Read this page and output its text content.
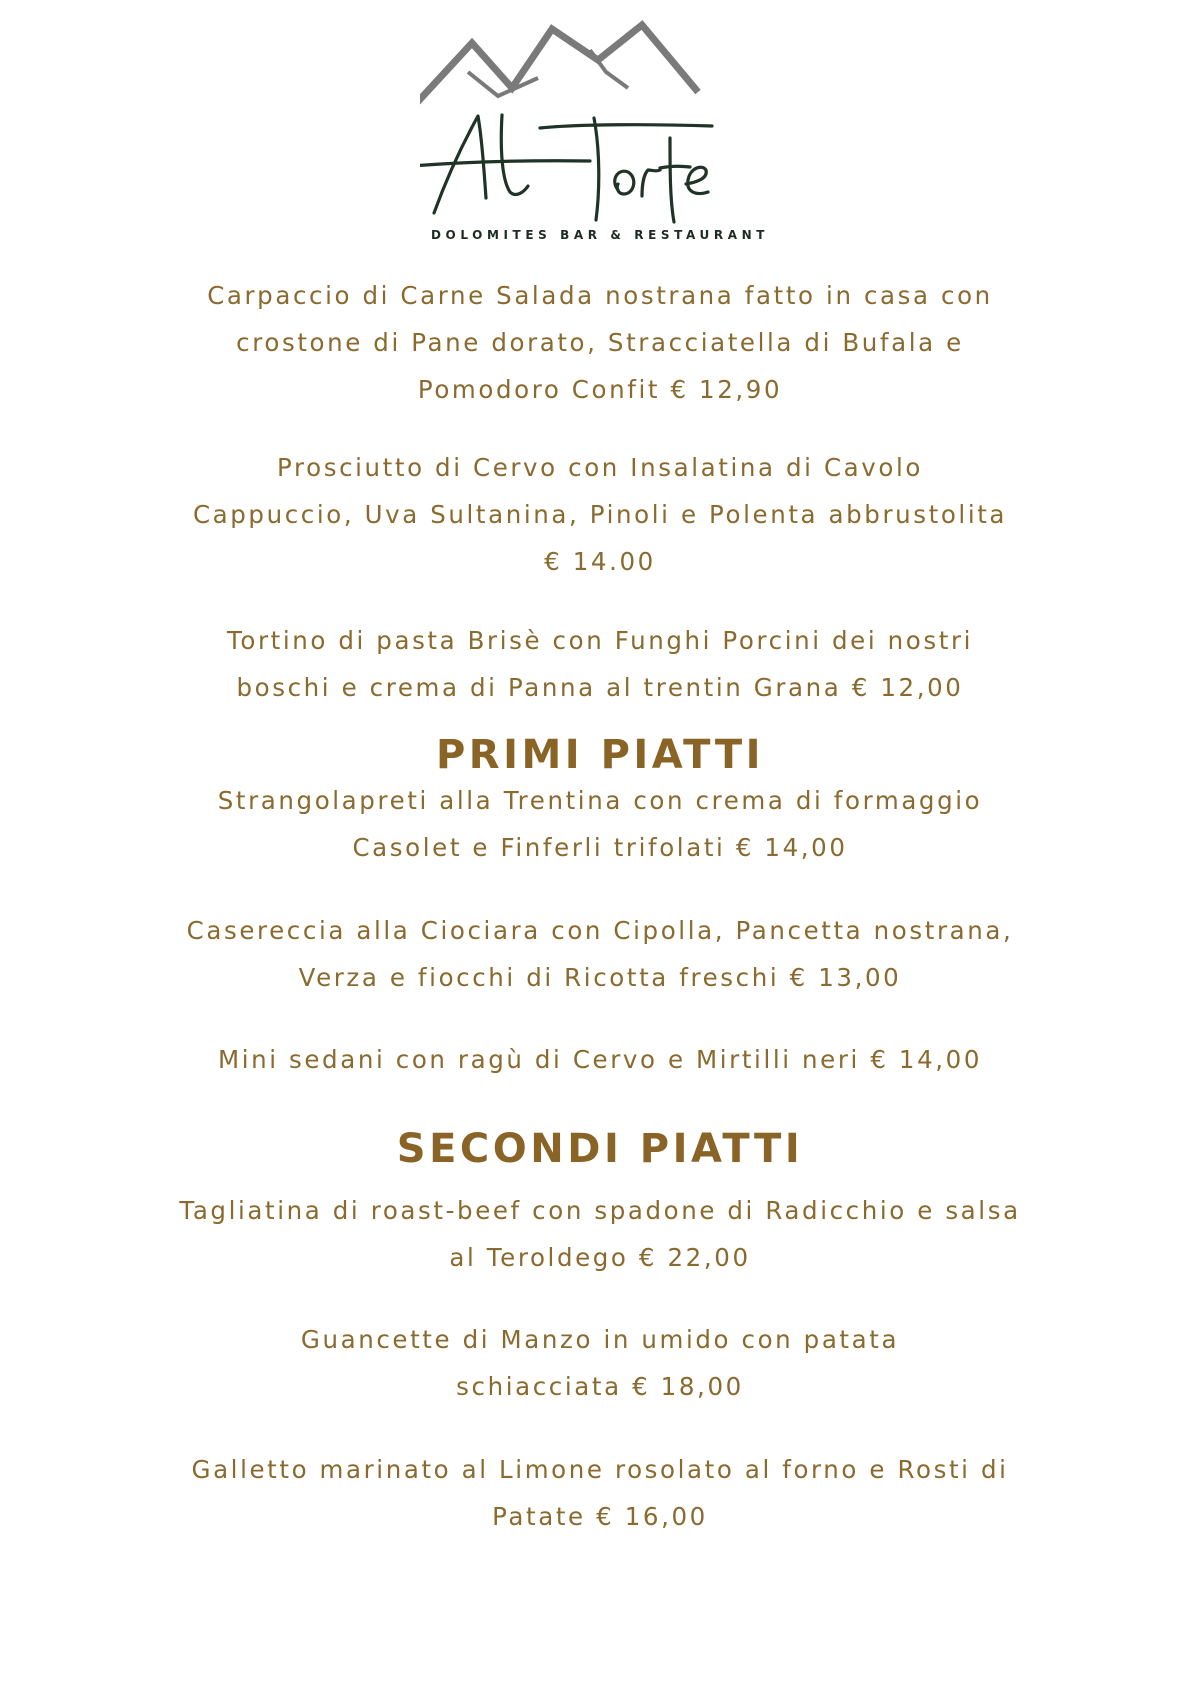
DOLOMITES BAR & RESTAURANT
Carpaccio di Carne Salada nostrana fatto in casa con
crostone di Pane dorato, Stracciatella di Bufala e
Pomodoro Confit € 12,90
Prosciutto di Cervo con Insalatina di Cavolo
Cappuccio, Uva Sultanina, Pinoli e Polenta abbrustolita
€ 14.00
Tortino di pasta Brisè con Funghi Porcini dei nostri
boschi e crema di Panna al trentin Grana € 12,00
PRIMI PIATTI
Strangolapreti alla Trentina con crema di formaggio
Casolet e Finferli trifolati € 14,00
Casereccia alla Ciociara con Cipolla, Pancetta nostrana,
Verza e fiocchi di Ricotta freschi € 13,00
Mini sedani con ragù di Cervo e Mirtilli neri € 14,00
SECONDI PIATTI
Tagliatina di roast-beef con spadone di Radicchio e salsa
al Teroldego € 22,00
Guancette di Manzo in umido con patata
schiacciata € 18,00
Galletto marinato al Limone rosolato al forno e Rosti di
Patate € 16,00
